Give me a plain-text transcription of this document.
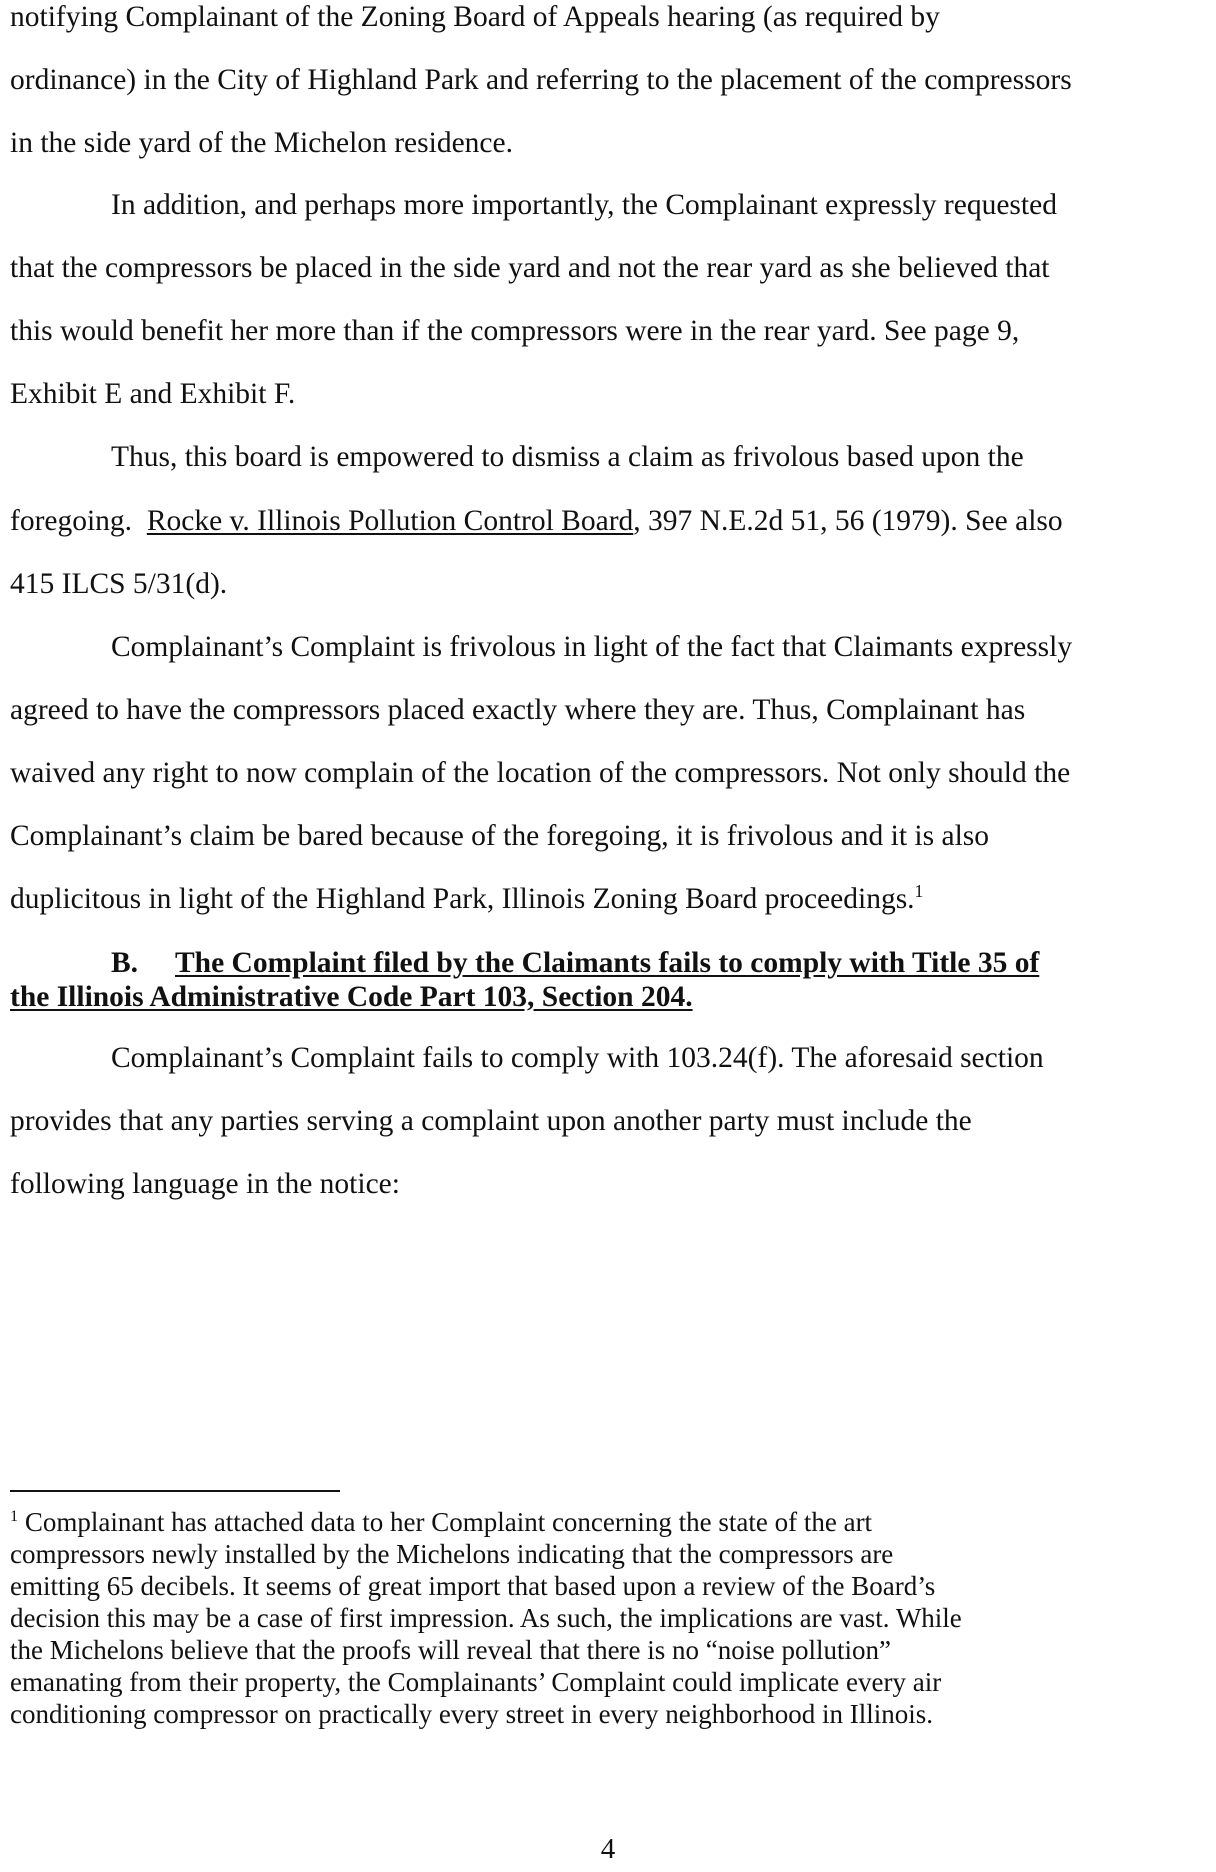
notifying Complainant of the Zoning Board of Appeals hearing (as required by
ordinance) in the City of Highland Park and referring to the placement of the compressors
in the side yard of the Michelon residence.
In addition, and perhaps more importantly, the Complainant expressly requested
that the compressors be placed in the side yard and not the rear yard as she believed that
this would benefit her more than if the compressors were in the rear yard. See page 9,
Exhibit E and Exhibit F.
Thus, this board is empowered to dismiss a claim as frivolous based upon the
foregoing.  Rocke v. Illinois Pollution Control Board, 397 N.E.2d 51, 56 (1979). See also
415 ILCS 5/31(d).
Complainant’s Complaint is frivolous in light of the fact that Claimants expressly
agreed to have the compressors placed exactly where they are. Thus, Complainant has
waived any right to now complain of the location of the compressors. Not only should the
Complainant’s claim be bared because of the foregoing, it is frivolous and it is also
duplicitous in light of the Highland Park, Illinois Zoning Board proceedings.$^1$
B. The Complaint filed by the Claimants fails to comply with Title 35 of
the Illinois Administrative Code Part 103, Section 204.
Complainant’s Complaint fails to comply with 103.24(f). The aforesaid section
provides that any parties serving a complaint upon another party must include the
following language in the notice:
$^1$ Complainant has attached data to her Complaint concerning the state of the art
compressors newly installed by the Michelons indicating that the compressors are
emitting 65 decibels. It seems of great import that based upon a review of the Board’s
decision this may be a case of first impression. As such, the implications are vast. While
the Michelons believe that the proofs will reveal that there is no “noise pollution”
emanating from their property, the Complainants’ Complaint could implicate every air
conditioning compressor on practically every street in every neighborhood in Illinois.
4
